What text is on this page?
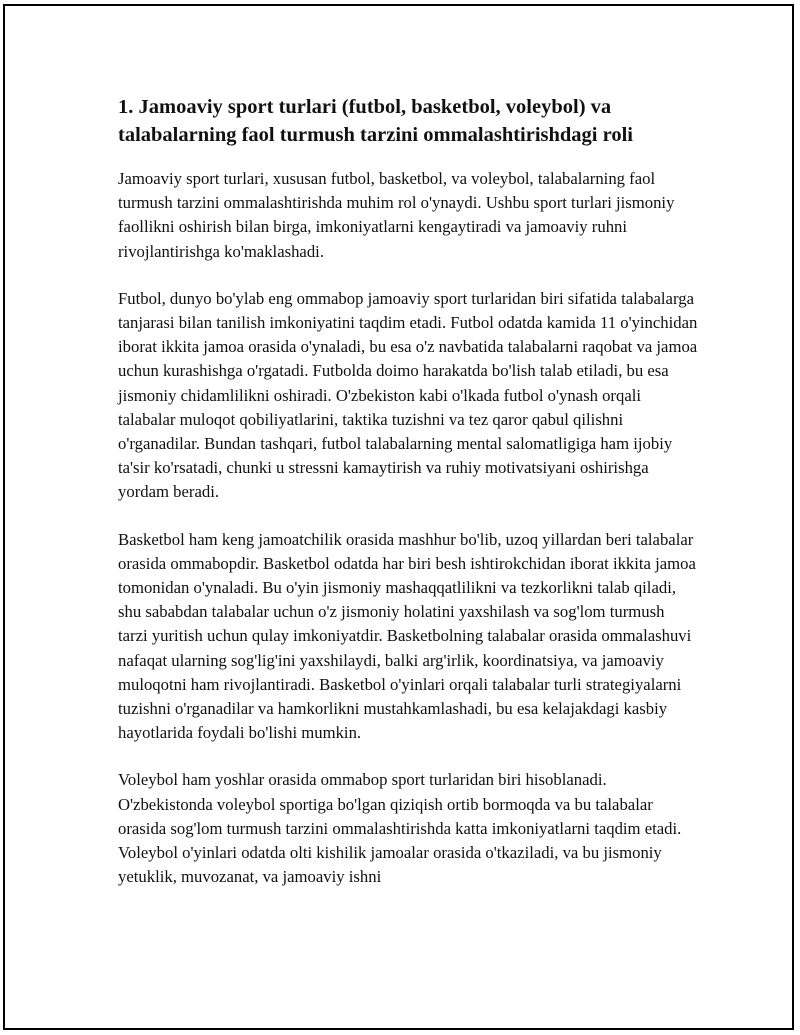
1. Jamoaviy sport turlari (futbol, basketbol, voleybol) va talabalarning faol turmush tarzini ommalashtirishdagi roli

Jamoaviy sport turlari, xususan futbol, basketbol, va voleybol, talabalarning faol turmush tarzini ommalashtirishda muhim rol o'ynaydi. Ushbu sport turlari jismoniy faollikni oshirish bilan birga, imkoniyatlarni kengaytiradi va jamoaviy ruhni rivojlantirishga ko'maklashadi.

Futbol, dunyo bo'ylab eng ommabop jamoaviy sport turlaridan biri sifatida talabalarga tanjarasi bilan tanilish imkoniyatini taqdim etadi. Futbol odatda kamida 11 o'yinchidan iborat ikkita jamoa orasida o'ynaladi, bu esa o'z navbatida talabalarni raqobat va jamoa uchun kurashishga o'rgatadi. Futbolda doimo harakatda bo'lish talab etiladi, bu esa jismoniy chidamlilikni oshiradi. O'zbekiston kabi o'lkada futbol o'ynash orqali talabalar muloqot qobiliyatlarini, taktika tuzishni va tez qaror qabul qilishni o'rganadilar. Bundan tashqari, futbol talabalarning mental salomatligiga ham ijobiy ta'sir ko'rsatadi, chunki u stressni kamaytirish va ruhiy motivatsiyani oshirishga yordam beradi.

Basketbol ham keng jamoatchilik orasida mashhur bo'lib, uzoq yillardan beri talabalar orasida ommabopdir. Basketbol odatda har biri besh ishtirokchidan iborat ikkita jamoa tomonidan o'ynaladi. Bu o'yin jismoniy mashaqqatlilikni va tezkorlikni talab qiladi, shu sababdan talabalar uchun o'z jismoniy holatini yaxshilash va sog'lom turmush tarzi yuritish uchun qulay imkoniyatdir. Basketbolning talabalar orasida ommalashuvi nafaqat ularning sog'lig'ini yaxshilaydi, balki arg'irlik, koordinatsiya, va jamoaviy muloqotni ham rivojlantiradi. Basketbol o'yinlari orqali talabalar turli strategiyalarni tuzishni o'rganadilar va hamkorlikni mustahkamlashadi, bu esa kelajakdagi kasbiy hayotlarida foydali bo'lishi mumkin.

Voleybol ham yoshlar orasida ommabop sport turlaridan biri hisoblanadi. O'zbekistonda voleybol sportiga bo'lgan qiziqish ortib bormoqda va bu talabalar orasida sog'lom turmush tarzini ommalashtirishda katta imkoniyatlarni taqdim etadi. Voleybol o'yinlari odatda olti kishilik jamoalar orasida o'tkaziladi, va bu jismoniy yetuklik, muvozanat, va jamoaviy ishni
